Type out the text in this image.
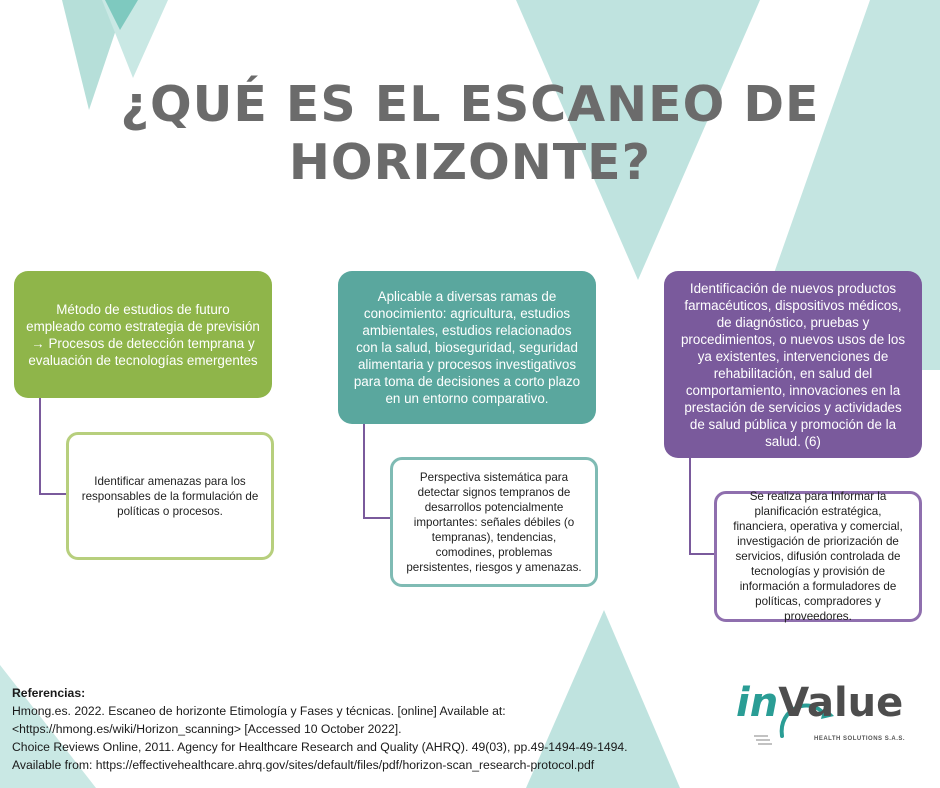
¿QUÉ ES EL ESCANEO DE
HORIZONTE?
Método de estudios de futuro empleado como estrategia de previsión
→ Procesos de detección temprana y evaluación de tecnologías emergentes
Identificar amenazas para los responsables de la formulación de políticas o procesos.
Aplicable a diversas ramas de conocimiento: agricultura, estudios ambientales, estudios relacionados con la salud, bioseguridad, seguridad alimentaria y procesos investigativos para toma de decisiones a corto plazo en un entorno comparativo.
Perspectiva sistemática para detectar signos tempranos de desarrollos potencialmente importantes: señales débiles (o tempranas), tendencias, comodines, problemas persistentes, riesgos y amenazas.
Identificación de nuevos productos farmacéuticos, dispositivos médicos, de diagnóstico, pruebas y procedimientos, o nuevos usos de los ya existentes, intervenciones de rehabilitación, en salud del comportamiento, innovaciones en la prestación de servicios y actividades de salud pública y promoción de la salud. (6)
Se realiza para Informar la planificación estratégica, financiera, operativa y comercial, investigación de priorización de servicios, difusión controlada de tecnologías y provisión de información a formuladores de políticas, compradores y proveedores.
Referencias:
Hmong.es. 2022. Escaneo de horizonte Etimología y Fases y técnicas. [online] Available at:
<https://hmong.es/wiki/Horizon_scanning> [Accessed 10 October 2022].
Choice Reviews Online, 2011. Agency for Healthcare Research and Quality (AHRQ). 49(03), pp.49-1494-49-1494.
Available from: https://effectivehealthcare.ahrq.gov/sites/default/files/pdf/horizon-scan_research-protocol.pdf
inValue
HEALTH SOLUTIONS S.A.S.
